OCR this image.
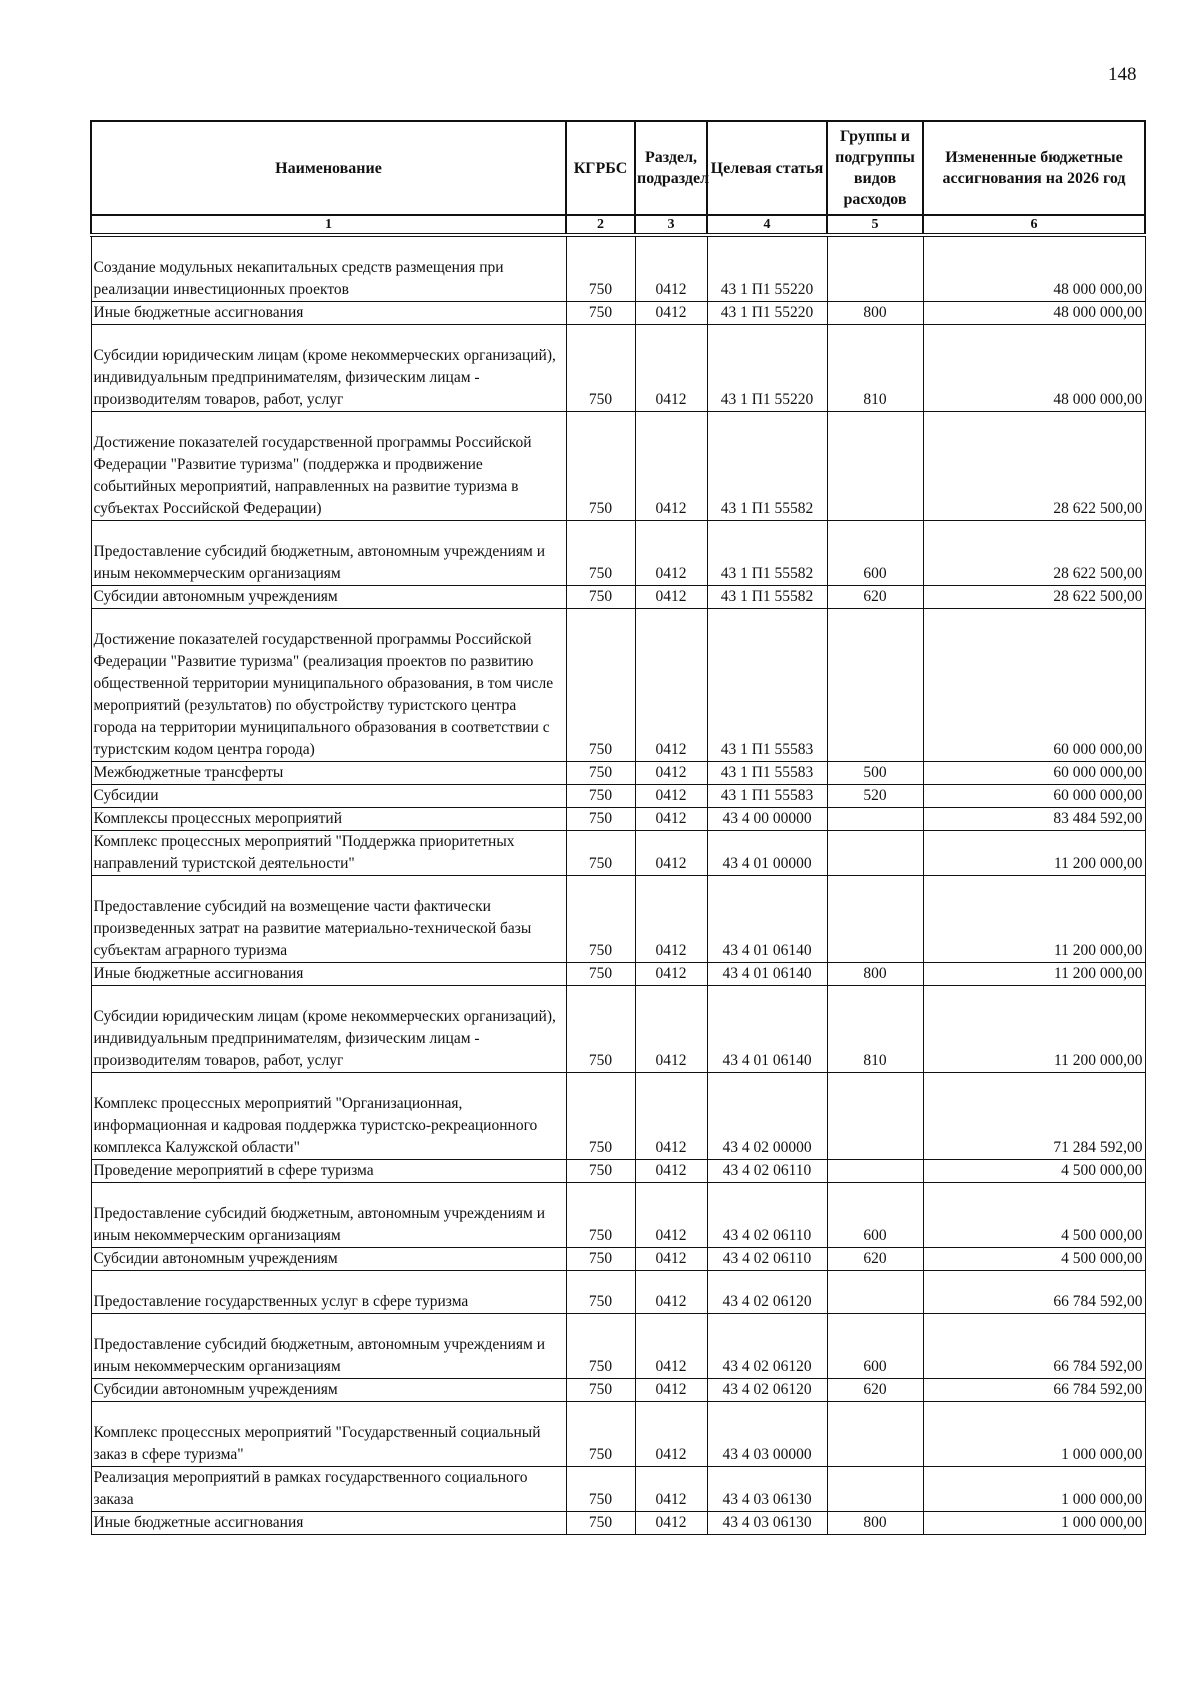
148
Наименование	КГРБС	Раздел, подраздел	Целевая статья	Группы и подгруппы видов расходов	Измененные бюджетные ассигнования на 2026 год
1	2	3	4	5	6
Создание модульных некапитальных средств размещения при реализации инвестиционных проектов	750	0412	43 1 П1 55220		48 000 000,00
Иные бюджетные ассигнования	750	0412	43 1 П1 55220	800	48 000 000,00
Субсидии юридическим лицам (кроме некоммерческих организаций), индивидуальным предпринимателям, физическим лицам - производителям товаров, работ, услуг	750	0412	43 1 П1 55220	810	48 000 000,00
Достижение показателей государственной программы Российской Федерации "Развитие туризма" (поддержка и продвижение событийных мероприятий, направленных на развитие туризма в субъектах Российской Федерации)	750	0412	43 1 П1 55582		28 622 500,00
Предоставление субсидий бюджетным, автономным учреждениям и иным некоммерческим организациям	750	0412	43 1 П1 55582	600	28 622 500,00
Субсидии автономным учреждениям	750	0412	43 1 П1 55582	620	28 622 500,00
Достижение показателей государственной программы Российской Федерации "Развитие туризма" (реализация проектов по развитию общественной территории муниципального образования, в том числе мероприятий (результатов) по обустройству туристского центра города на территории муниципального образования в соответствии с туристским кодом центра города)	750	0412	43 1 П1 55583		60 000 000,00
Межбюджетные трансферты	750	0412	43 1 П1 55583	500	60 000 000,00
Субсидии	750	0412	43 1 П1 55583	520	60 000 000,00
Комплексы процессных мероприятий	750	0412	43 4 00 00000		83 484 592,00
Комплекс процессных мероприятий "Поддержка приоритетных направлений туристской деятельности"	750	0412	43 4 01 00000		11 200 000,00
Предоставление субсидий на возмещение части фактически произведенных затрат на развитие материально-технической базы субъектам аграрного туризма	750	0412	43 4 01 06140		11 200 000,00
Иные бюджетные ассигнования	750	0412	43 4 01 06140	800	11 200 000,00
Субсидии юридическим лицам (кроме некоммерческих организаций), индивидуальным предпринимателям, физическим лицам - производителям товаров, работ, услуг	750	0412	43 4 01 06140	810	11 200 000,00
Комплекс процессных мероприятий "Организационная, информационная и кадровая поддержка туристско-рекреационного комплекса Калужской области"	750	0412	43 4 02 00000		71 284 592,00
Проведение мероприятий в сфере туризма	750	0412	43 4 02 06110		4 500 000,00
Предоставление субсидий бюджетным, автономным учреждениям и иным некоммерческим организациям	750	0412	43 4 02 06110	600	4 500 000,00
Субсидии автономным учреждениям	750	0412	43 4 02 06110	620	4 500 000,00
Предоставление государственных услуг в сфере туризма	750	0412	43 4 02 06120		66 784 592,00
Предоставление субсидий бюджетным, автономным учреждениям и иным некоммерческим организациям	750	0412	43 4 02 06120	600	66 784 592,00
Субсидии автономным учреждениям	750	0412	43 4 02 06120	620	66 784 592,00
Комплекс процессных мероприятий "Государственный социальный заказ в сфере туризма"	750	0412	43 4 03 00000		1 000 000,00
Реализация мероприятий в рамках государственного социального заказа	750	0412	43 4 03 06130		1 000 000,00
Иные бюджетные ассигнования	750	0412	43 4 03 06130	800	1 000 000,00
